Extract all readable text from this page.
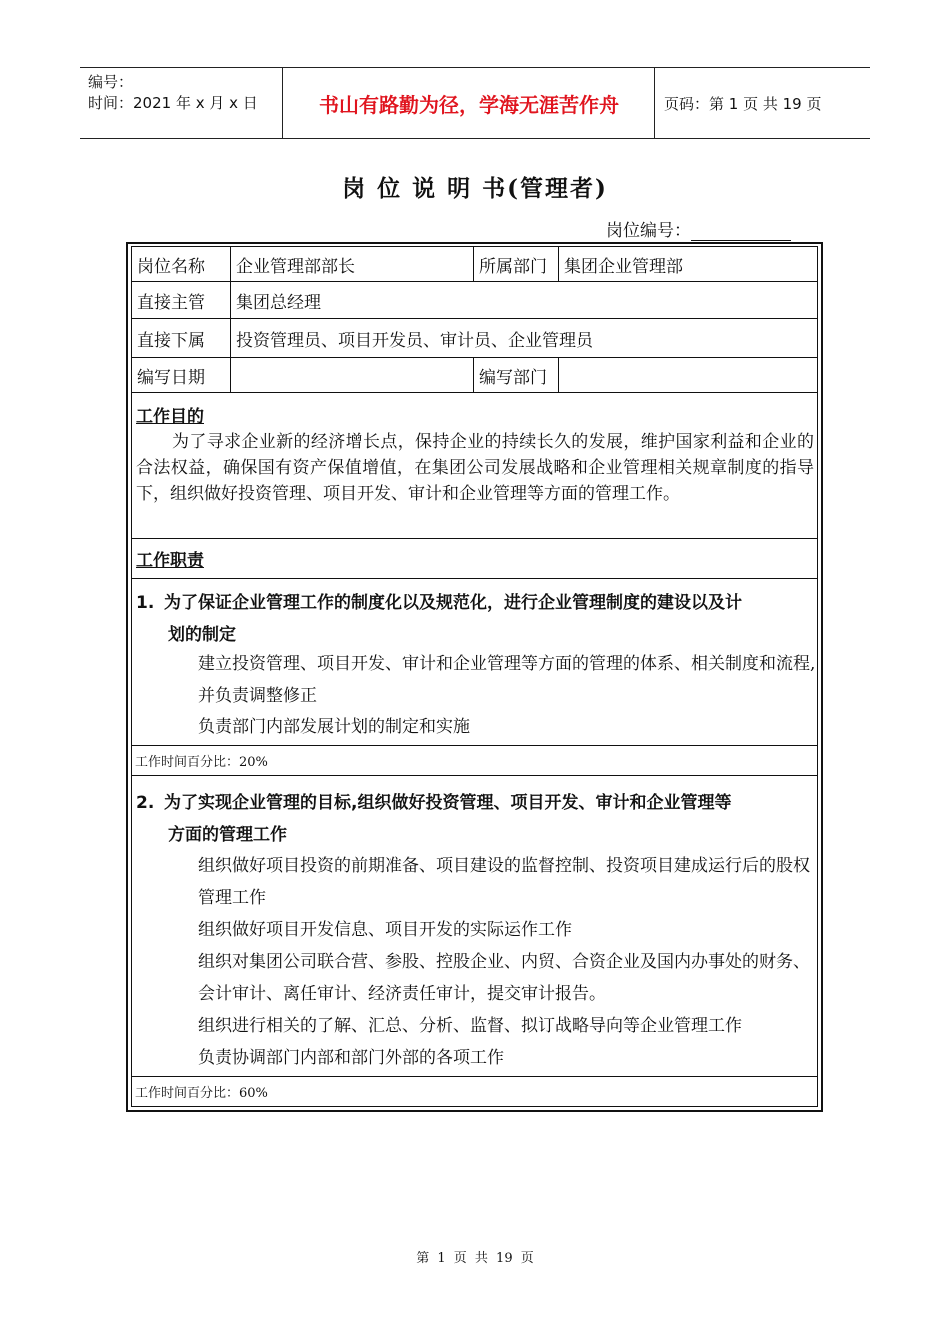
编号：
时间：2021 年 x 月 x 日	书山有路勤为径，学海无涯苦作舟	页码：第 1 页 共 19 页
岗 位 说 明 书(管理者)
岗位编号：
岗位名称	企业管理部部长	所属部门	集团企业管理部
直接主管	集团总经理		
直接下属	投资管理员、项目开发员、审计员、企业管理员		
编写日期		编写部门	
工作目的
为了寻求企业新的经济增长点，保持企业的持续长久的发展，维护国家利益和企业的合法权益，确保国有资产保值增值，在集团公司发展战略和企业管理相关规章制度的指导下，组织做好投资管理、项目开发、审计和企业管理等方面的管理工作。
工作职责
1. 为了保证企业管理工作的制度化以及规范化，进行企业管理制度的建设以及计
划的制定
建立投资管理、项目开发、审计和企业管理等方面的管理的体系、相关制度和流程,并负责调整修正
负责部门内部发展计划的制定和实施
工作时间百分比：20%
2. 为了实现企业管理的目标,组织做好投资管理、项目开发、审计和企业管理等
方面的管理工作
组织做好项目投资的前期准备、项目建设的监督控制、投资项目建成运行后的股权管理工作
组织做好项目开发信息、项目开发的实际运作工作
组织对集团公司联合营、参股、控股企业、内贸、合资企业及国内办事处的财务、会计审计、离任审计、经济责任审计，提交审计报告。
组织进行相关的了解、汇总、分析、监督、拟订战略导向等企业管理工作
负责协调部门内部和部门外部的各项工作
工作时间百分比：60%
第 1 页 共 19 页
